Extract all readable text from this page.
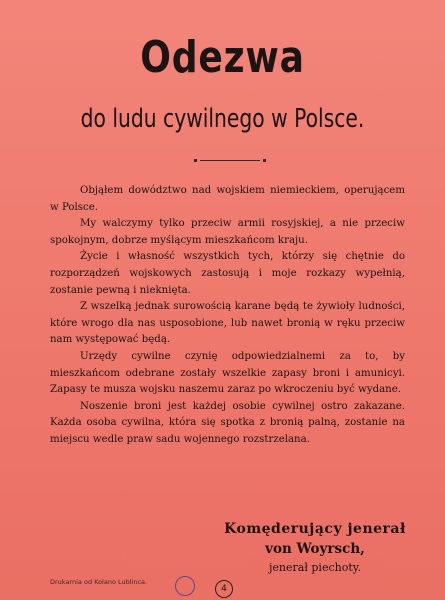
Odezwa
do ludu cywilnego w Polsce.

Objąłem dowództwo nad wojskiem niemieckiem, operującem w Polsce.

My walczymy tylko przeciw armii rosyjskiej, a nie przeciw spokojnym, dobrze myślącym mieszkańcom kraju.

Życie i własność wszystkich tych, którzy się chętnie do rozporządzeń wojskowych zastosują i moje rozkazy wypełnią, zostanie pewną i nieknięta.

Z wszelką jednak surowością karane będą te żywioły ludności, które wrogo dla nas usposobione, lub nawet bronią w ręku przeciw nam występować będą.

Urzędy cywilne czynię odpowiedzialnemi za to, by mieszkańcom odebrane zostały wszelkie zapasy broni i amunicyi. Zapasy te musza wojsku naszemu zaraz po wkroczeniu być wydane.

Noszenie broni jest każdej osobie cywilnej ostro zakazane. Każda osoba cywilna, która się spotka z bronią palną, zostanie na miejscu wedle praw sadu wojennego rozstrzelana.

Komęderujący jenerał
von Woyrsch,
jenerał piechoty.
Drukarnia od Kolano Lublinca.
4
